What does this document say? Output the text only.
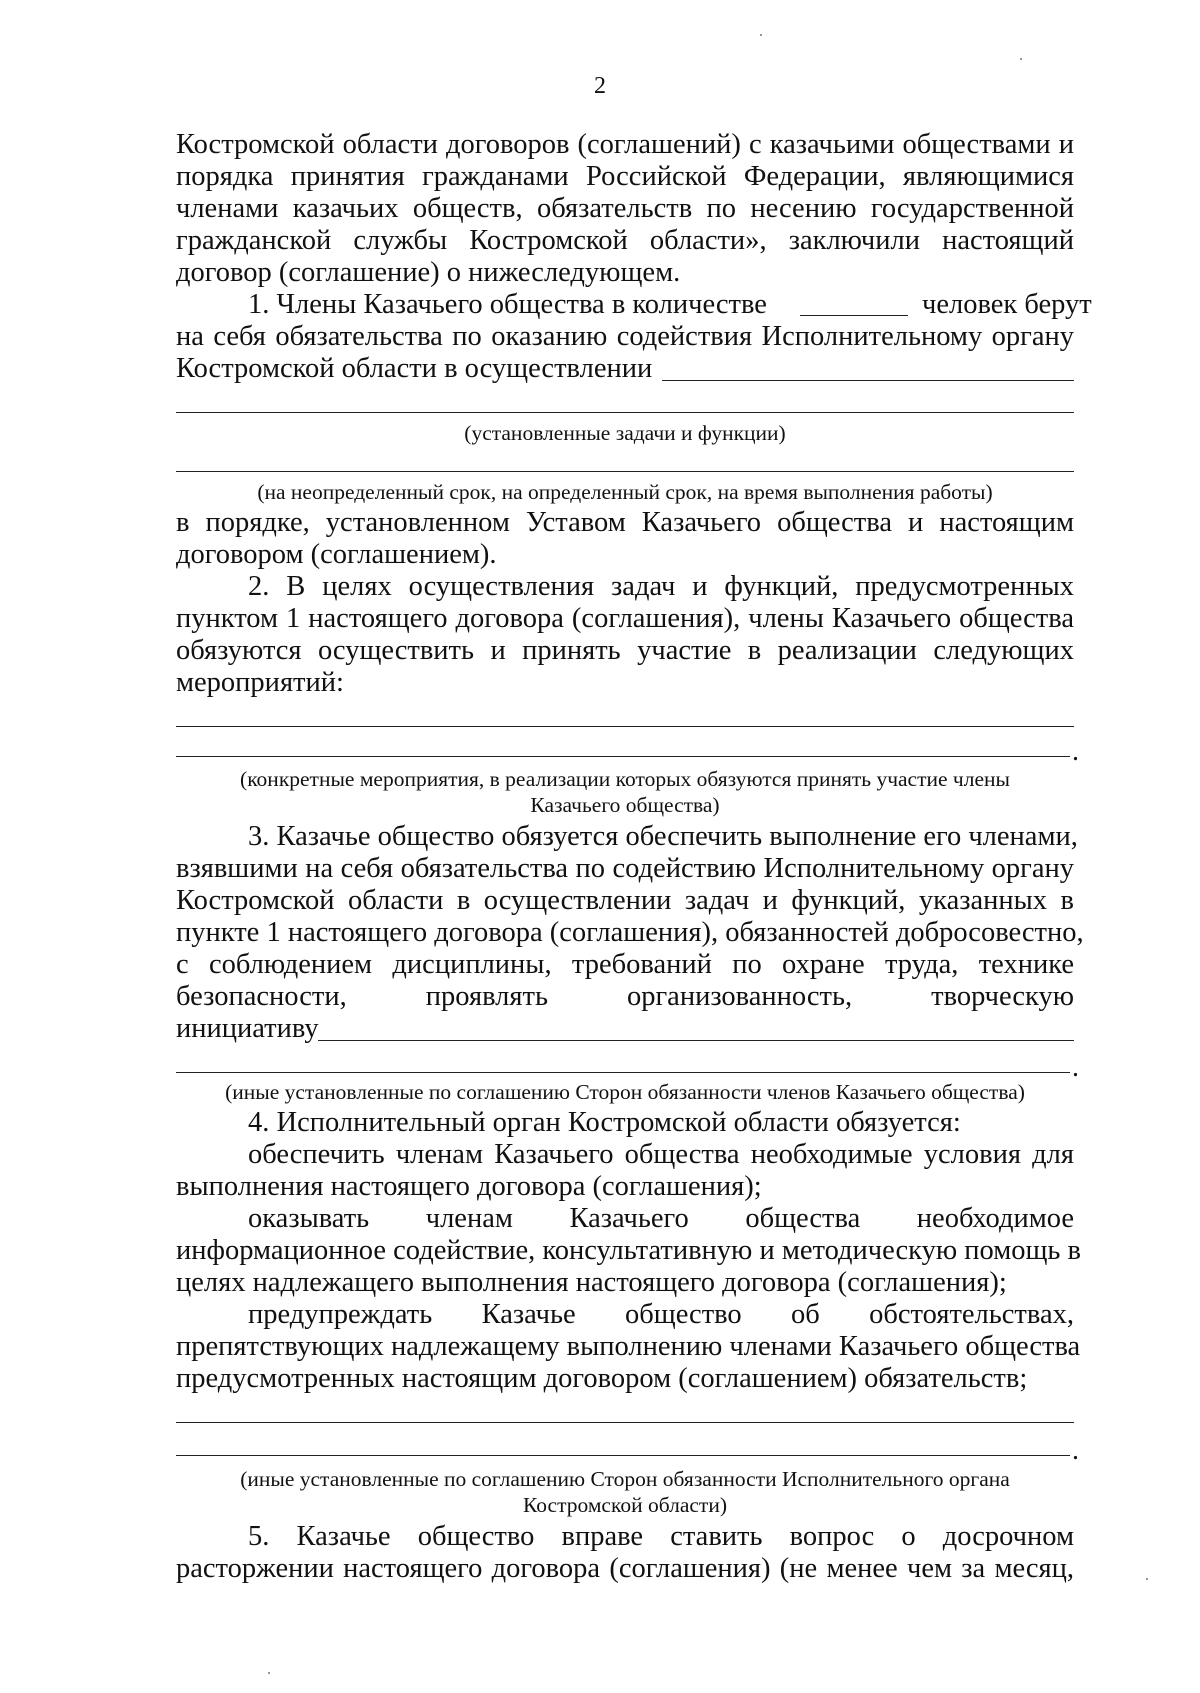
2
Костромской области договоров (соглашений) с казачьими обществами и
порядка принятия гражданами Российской Федерации, являющимися
членами казачьих обществ, обязательств по несению государственной
гражданской службы Костромской области», заключили настоящий
договор (соглашение) о нижеследующем.
1. Члены Казачьего общества в количестве	человек берут
на себя обязательства по оказанию содействия Исполнительному органу
Костромской области в осуществлении
(установленные задачи и функции)
(на неопределенный срок, на определенный срок, на время выполнения работы)
в порядке, установленном Уставом Казачьего общества и настоящим
договором (соглашением).
2. В целях осуществления задач и функций, предусмотренных
пунктом 1 настоящего договора (соглашения), члены Казачьего общества
обязуются осуществить и принять участие в реализации следующих
мероприятий:
.
(конкретные мероприятия, в реализации которых обязуются принять участие члены
Казачьего общества)
3. Казачье общество обязуется обеспечить выполнение его членами,
взявшими на себя обязательства по содействию Исполнительному органу
Костромской области в осуществлении задач и функций, указанных в
пункте 1 настоящего договора (соглашения), обязанностей добросовестно,
с соблюдением дисциплины, требований по охране труда, технике
безопасности, проявлять организованность, творческую
инициативу
.
(иные установленные по соглашению Сторон обязанности членов Казачьего общества)
4. Исполнительный орган Костромской области обязуется:
обеспечить членам Казачьего общества необходимые условия для
выполнения настоящего договора (соглашения);
оказывать членам Казачьего общества необходимое
информационное содействие, консультативную и методическую помощь в
целях надлежащего выполнения настоящего договора (соглашения);
предупреждать Казачье общество об обстоятельствах,
препятствующих надлежащему выполнению членами Казачьего общества
предусмотренных настоящим договором (соглашением) обязательств;
.
(иные установленные по соглашению Сторон обязанности Исполнительного органа
Костромской области)
5. Казачье общество вправе ставить вопрос о досрочном
расторжении настоящего договора (соглашения) (не менее чем за месяц,
